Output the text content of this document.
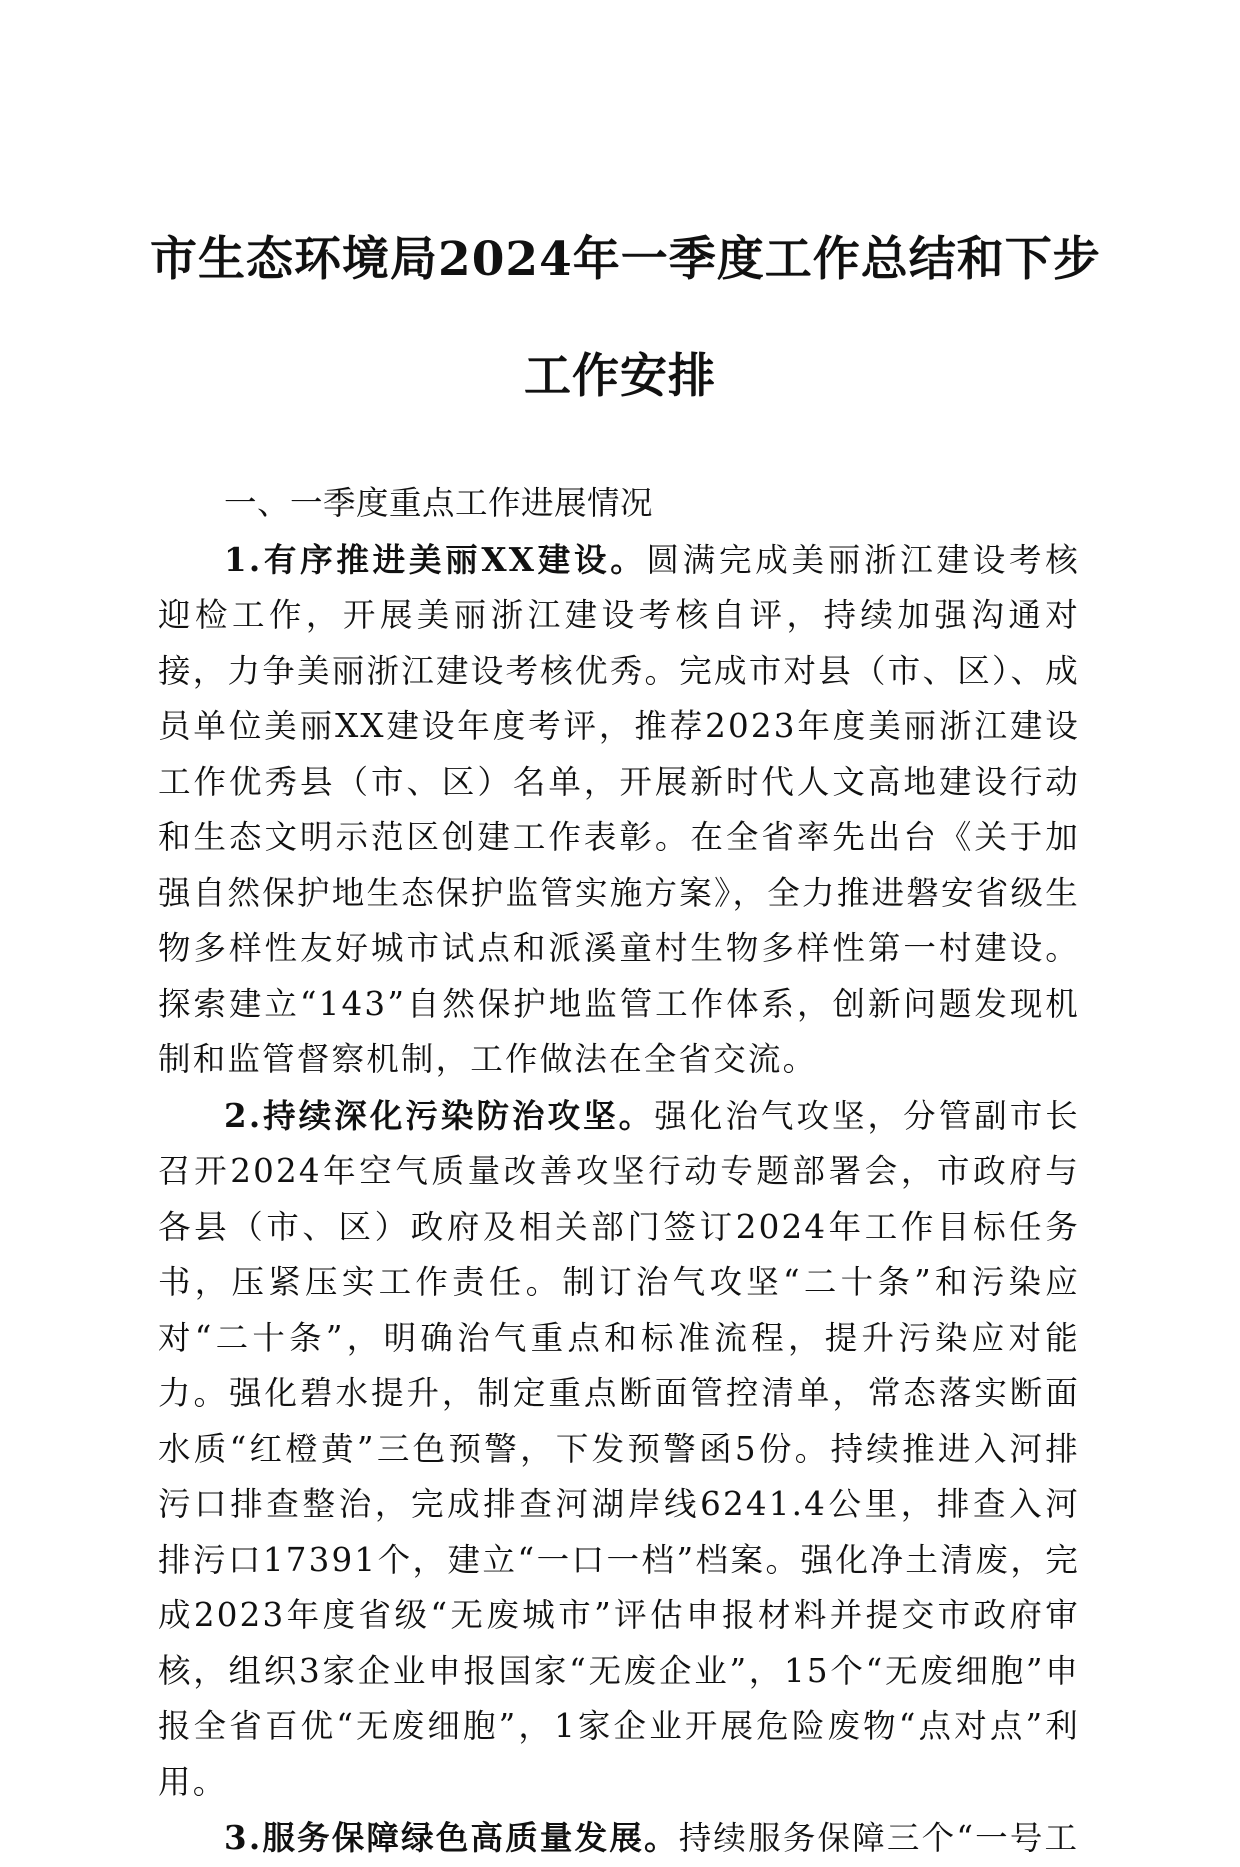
市生态环境局2024年一季度工作总结和下步
工作安排

一、一季度重点工作进展情况

1.有序推进美丽XX建设。圆满完成美丽浙江建设考核迎检工作，开展美丽浙江建设考核自评，持续加强沟通对接，力争美丽浙江建设考核优秀。完成市对县（市、区）、成员单位美丽XX建设年度考评，推荐2023年度美丽浙江建设工作优秀县（市、区）名单，开展新时代人文高地建设行动和生态文明示范区创建工作表彰。在全省率先出台《关于加强自然保护地生态保护监管实施方案》，全力推进磐安省级生物多样性友好城市试点和派溪童村生物多样性第一村建设。探索建立“143”自然保护地监管工作体系，创新问题发现机制和监管督察机制，工作做法在全省交流。

2.持续深化污染防治攻坚。强化治气攻坚，分管副市长召开2024年空气质量改善攻坚行动专题部署会，市政府与各县（市、区）政府及相关部门签订2024年工作目标任务书，压紧压实工作责任。制订治气攻坚“二十条”和污染应对“二十条”，明确治气重点和标准流程，提升污染应对能力。强化碧水提升，制定重点断面管控清单，常态落实断面水质“红橙黄”三色预警，下发预警函5份。持续推进入河排污口排查整治，完成排查河湖岸线6241.4公里，排查入河排污口17391个，建立“一口一档”档案。强化净土清废，完成2023年度省级“无废城市”评估申报材料并提交市政府审核，组织3家企业申报国家“无废企业”，15个“无废细胞”申报全省百优“无废细胞”，1家企业开展危险废物“点对点”利用。

3.服务保障绿色高质量发展。持续服务保障三个“一号工
